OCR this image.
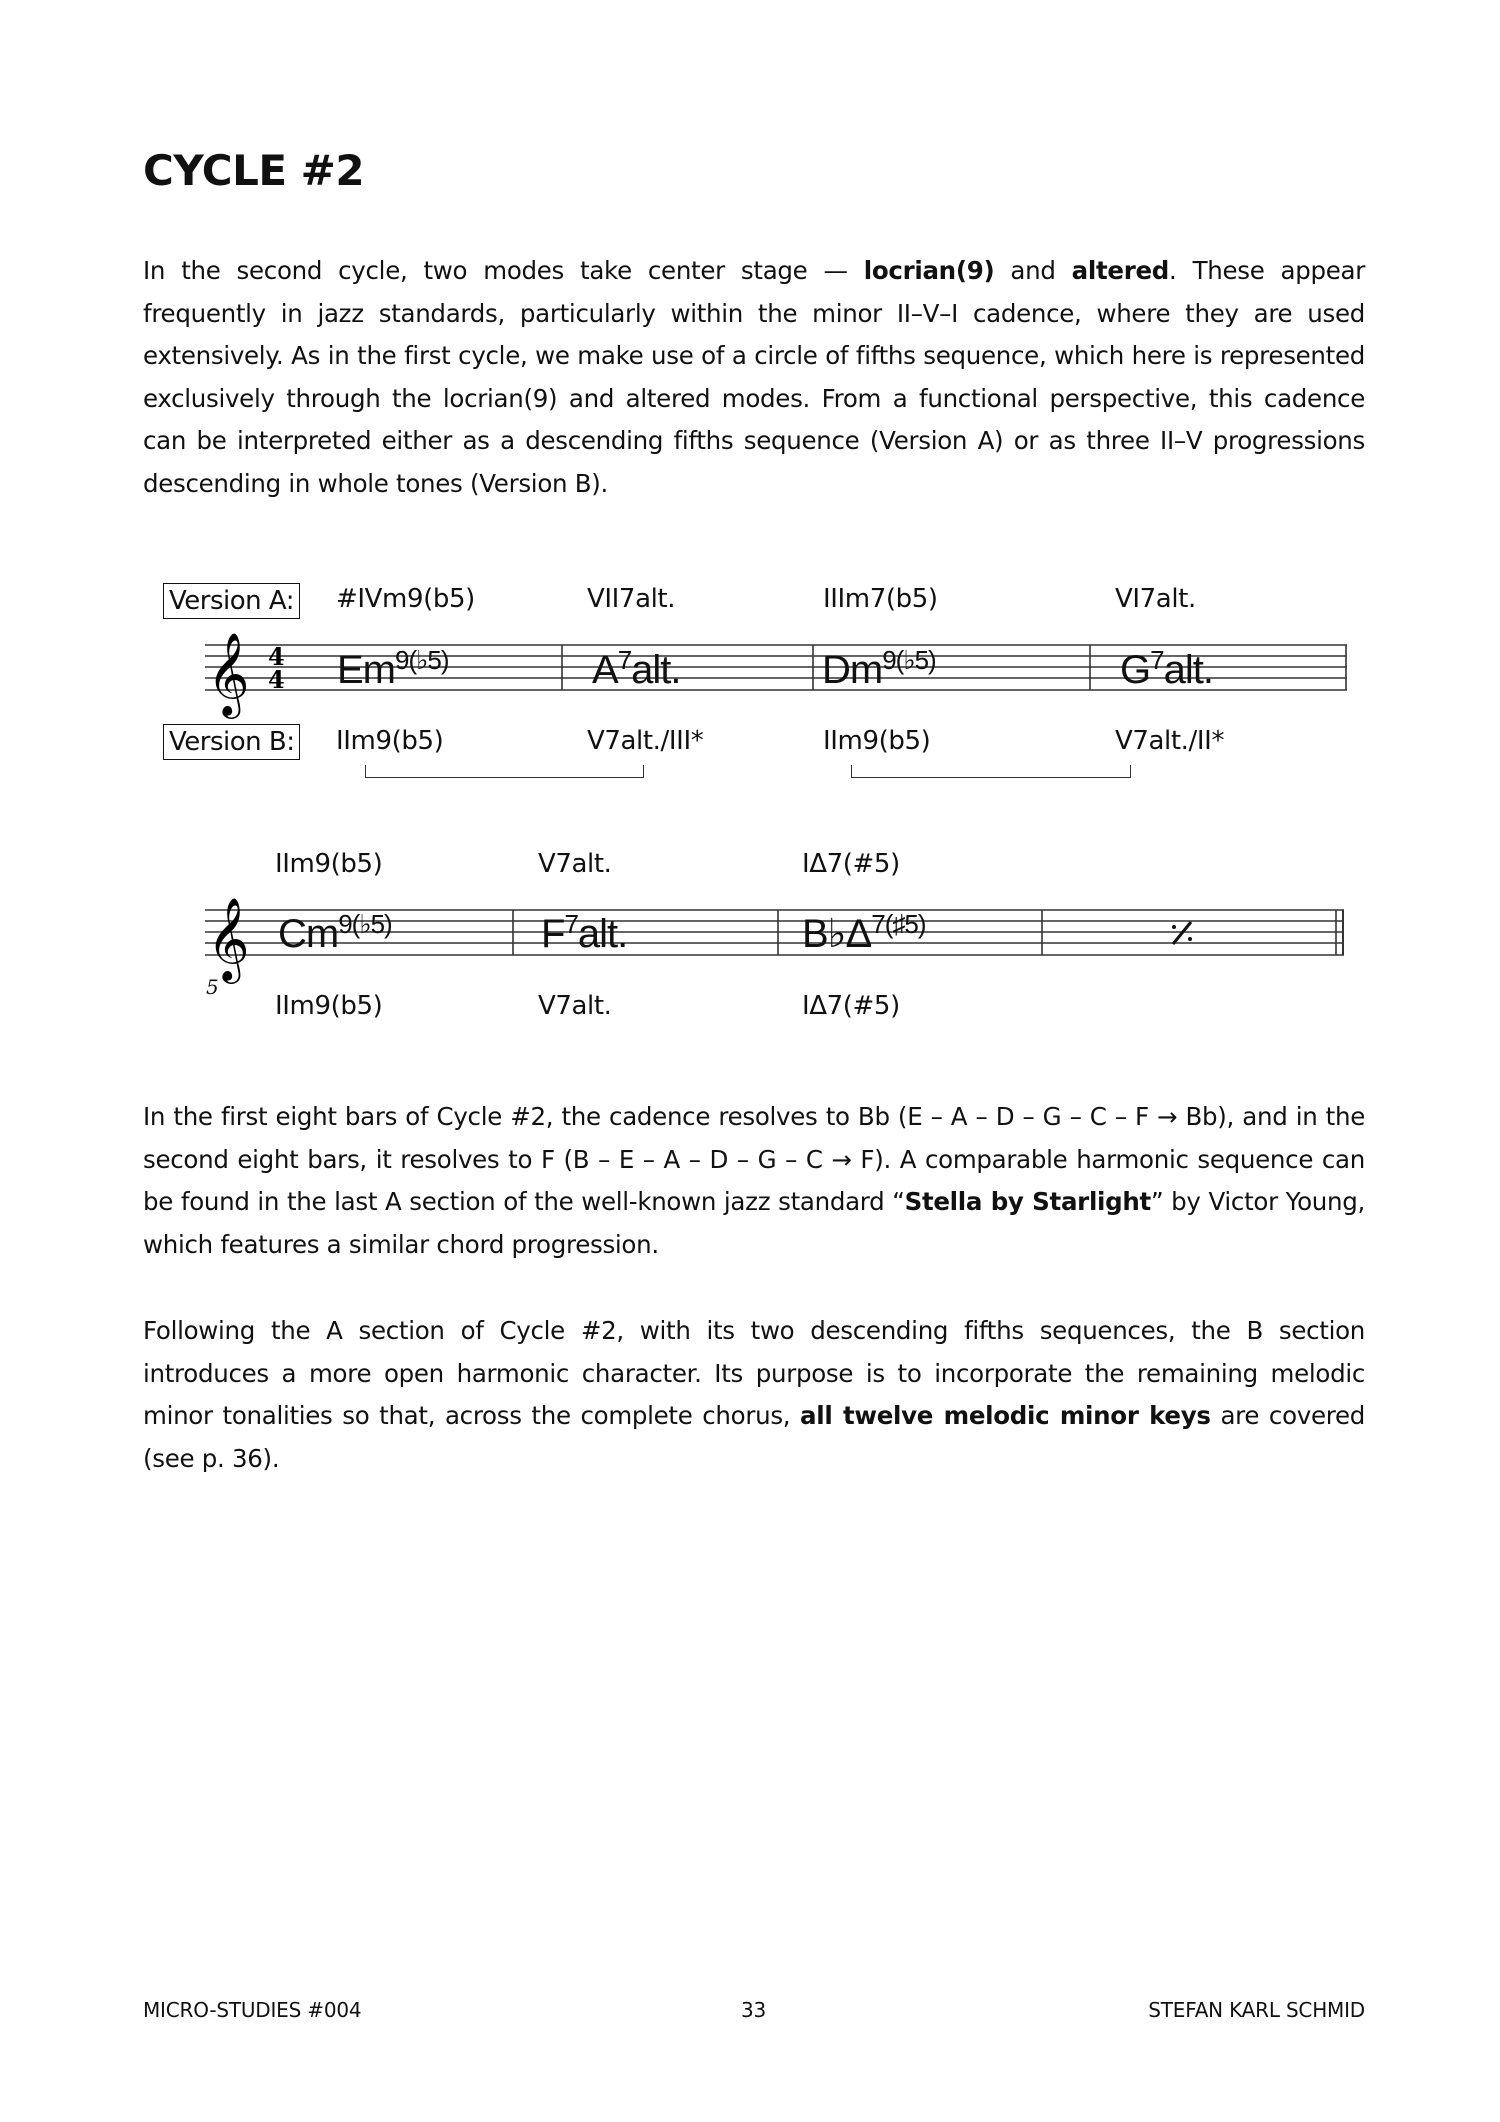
CYCLE #2

In the second cycle, two modes take center stage — locrian(9) and altered. These appear frequently in jazz standards, particularly within the minor II–V–I cadence, where they are used extensively. As in the first cycle, we make use of a circle of fifths sequence, which here is represented exclusively through the locrian(9) and altered modes. From a functional perspective, this cadence can be interpreted either as a descending fifths sequence (Version A) or as three II–V progressions descending in whole tones (Version B).

Version A: #IVm9(b5)	VII7alt.	IIIm7(b5)	VI7alt.
𝄞 4
4 $Em^{9(♭5)}$	$A^7alt$.	$Dm^{9(♭5)}$	$G^7alt$.
Version B: IIm9(b5)	V7alt./III*	IIm9(b5)	V7alt./II*
IIm9(b5)	V7alt.	IΔ7(#5)
𝄞
5
$Cm^{9(♭5)}$	$F^7alt$.	$B♭\Delta^{7(♯5)}$
IIm9(b5)	V7alt.	IΔ7(#5)

In the first eight bars of Cycle #2, the cadence resolves to Bb (E – A – D – G – C – F → Bb), and in the second eight bars, it resolves to F (B – E – A – D – G – C → F). A comparable harmonic sequence can be found in the last A section of the well-known jazz standard “Stella by Starlight” by Victor Young, which features a similar chord progression.

Following the A section of Cycle #2, with its two descending fifths sequences, the B section introduces a more open harmonic character. Its purpose is to incorporate the remaining melodic minor tonalities so that, across the complete chorus, all twelve melodic minor keys are covered (see p. 36).

MICRO-STUDIES #004	33	STEFAN KARL SCHMID
